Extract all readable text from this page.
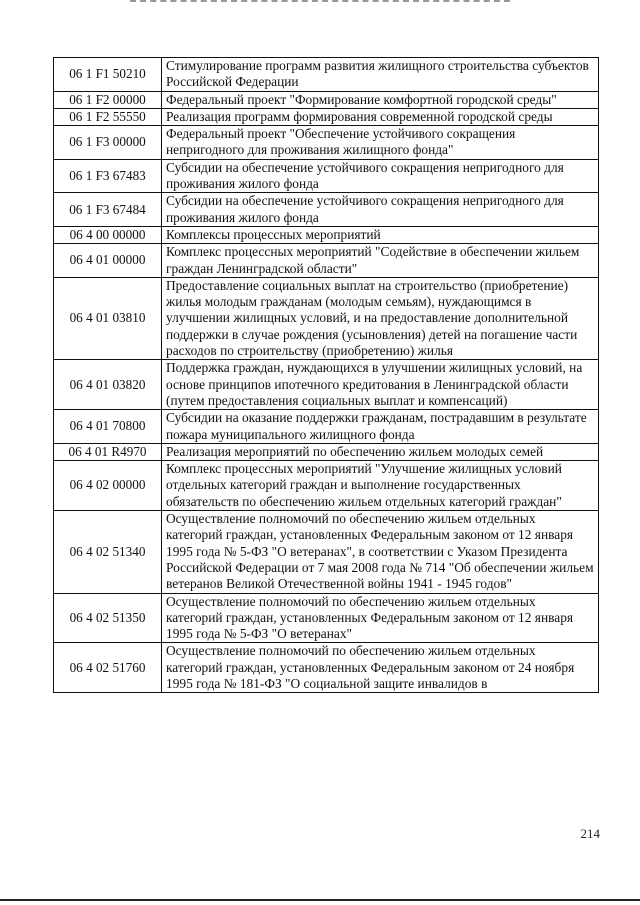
06 1 F1 50210	Стимулирование программ развития жилищного строительства субъектов Российской Федерации
06 1 F2 00000	Федеральный проект "Формирование комфортной городской среды"
06 1 F2 55550	Реализация программ формирования современной городской среды
06 1 F3 00000	Федеральный проект "Обеспечение устойчивого сокращения непригодного для проживания жилищного фонда"
06 1 F3 67483	Субсидии на обеспечение устойчивого сокращения непригодного для проживания жилого фонда
06 1 F3 67484	Субсидии на обеспечение устойчивого сокращения непригодного для проживания жилого фонда
06 4 00 00000	Комплексы процессных мероприятий
06 4 01 00000	Комплекс процессных мероприятий "Содействие в обеспечении жильем граждан Ленинградской области"
06 4 01 03810	Предоставление социальных выплат на строительство (приобретение) жилья молодым гражданам (молодым семьям), нуждающимся в улучшении жилищных условий, и на предоставление дополнительной поддержки в случае рождения (усыновления) детей на погашение части расходов по строительству (приобретению) жилья
06 4 01 03820	Поддержка граждан, нуждающихся в улучшении жилищных условий, на основе принципов ипотечного кредитования в Ленинградской области (путем предоставления социальных выплат и компенсаций)
06 4 01 70800	Субсидии на оказание поддержки гражданам, пострадавшим в результате пожара муниципального жилищного фонда
06 4 01 R4970	Реализация мероприятий по обеспечению жильем молодых семей
06 4 02 00000	Комплекс процессных мероприятий "Улучшение жилищных условий отдельных категорий граждан и выполнение государственных обязательств по обеспечению жильем отдельных категорий граждан"
06 4 02 51340	Осуществление полномочий по обеспечению жильем отдельных категорий граждан, установленных Федеральным законом от 12 января 1995 года № 5-ФЗ "О ветеранах", в соответствии с Указом Президента Российской Федерации от 7 мая 2008 года № 714 "Об обеспечении жильем ветеранов Великой Отечественной войны 1941 - 1945 годов"
06 4 02 51350	Осуществление полномочий по обеспечению жильем отдельных категорий граждан, установленных Федеральным законом от 12 января 1995 года № 5-ФЗ "О ветеранах"
06 4 02 51760	Осуществление полномочий по обеспечению жильем отдельных категорий граждан, установленных Федеральным законом от 24 ноября 1995 года № 181-ФЗ "О социальной защите инвалидов в
214
